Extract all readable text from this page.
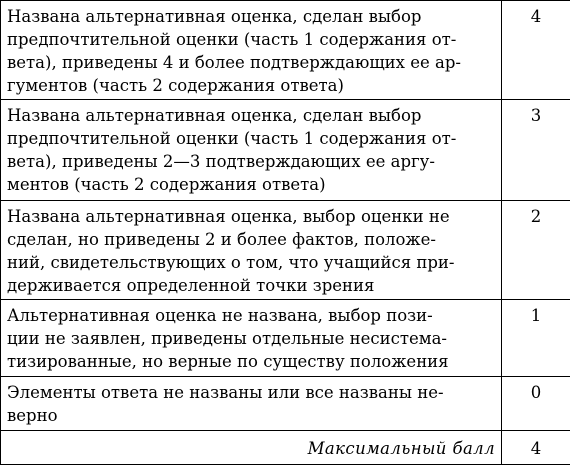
Названа альтернативная оценка, сделан выбор
предпочтительной оценки (часть 1 содержания от-
вета), приведены 4 и более подтверждающих ее ар-
гументов (часть 2 содержания ответа)	4

Названа альтернативная оценка, сделан выбор
предпочтительной оценки (часть 1 содержания от-
вета), приведены 2—3 подтверждающих ее аргу-
ментов (часть 2 содержания ответа)	3

Названа альтернативная оценка, выбор оценки не
сделан, но приведены 2 и более фактов, положе-
ний, свидетельствующих о том, что учащийся при-
держивается определенной точки зрения	2

Альтернативная оценка не названа, выбор пози-
ции не заявлен, приведены отдельные несистема-
тизированные, но верные по существу положения	1

Элементы ответа не названы или все названы не-
верно	0
Максимальный балл	4
